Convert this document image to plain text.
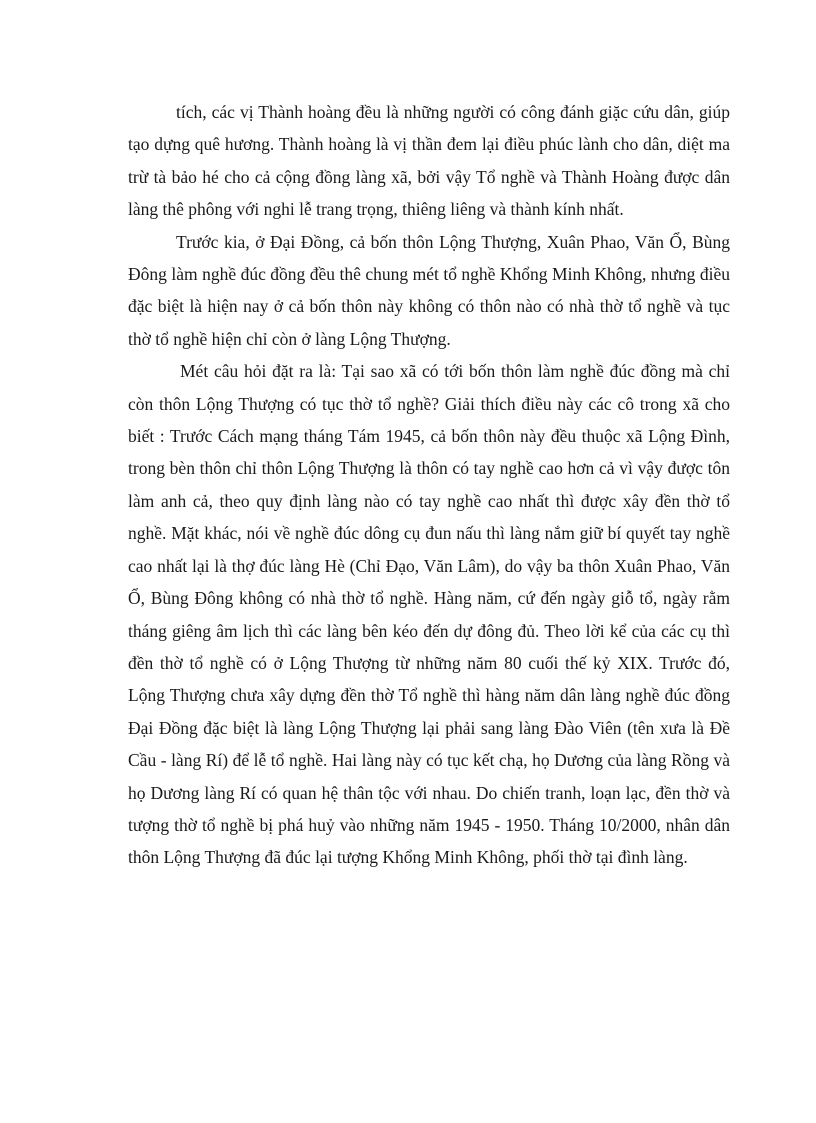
tích, các vị Thành hoàng đều là những người có công đánh giặc cứu dân, giúp tạo dựng quê hương. Thành hoàng là vị thần đem lại điều phúc lành cho dân, diệt ma trừ tà bảo hé cho cả cộng đồng làng xã, bởi vậy Tổ nghề và Thành Hoàng được dân làng thê phông với nghi lễ trang trọng, thiêng liêng và thành kính nhất.

Trước kia, ở Đại Đồng, cả bốn thôn Lộng Thượng, Xuân Phao, Văn Ổ, Bùng Đông làm nghề đúc đồng đều thê chung mét tổ nghề Khổng Minh Không, nhưng điều đặc biệt là hiện nay ở cả bốn thôn này không có thôn nào có nhà thờ tổ nghề và tục thờ tổ nghề hiện chỉ còn ở làng Lộng Thượng.

Mét câu hỏi đặt ra là: Tại sao xã có tới bốn thôn làm nghề đúc đồng mà chỉ còn thôn Lộng Thượng có tục thờ tổ nghề? Giải thích điều này các cô trong xã cho biết : Trước Cách mạng tháng Tám 1945, cả bốn thôn này đều thuộc xã Lộng Đình, trong bèn thôn chỉ thôn Lộng Thượng là thôn có tay nghề cao hơn cả vì vậy được tôn làm anh cả, theo quy định làng nào có tay nghề cao nhất thì được xây đền thờ tổ nghề. Mặt khác, nói về nghề đúc dông cụ đun nấu thì làng nắm giữ bí quyết tay nghề cao nhất lại là thợ đúc làng Hè (Chỉ Đạo, Văn Lâm), do vậy ba thôn Xuân Phao, Văn Ổ, Bùng Đông không có nhà thờ tổ nghề. Hàng năm, cứ đến ngày giỗ tổ, ngày rằm tháng giêng âm lịch thì các làng bên kéo đến dự đông đủ. Theo lời kể của các cụ thì đền thờ tổ nghề có ở Lộng Thượng từ những năm 80 cuối thế kỷ XIX. Trước đó, Lộng Thượng chưa xây dựng đền thờ Tổ nghề thì hàng năm dân làng nghề đúc đồng Đại Đồng đặc biệt là làng Lộng Thượng lại phải sang làng Đào Viên (tên xưa là Đề Cầu - làng Rí) để lễ tổ nghề. Hai làng này có tục kết chạ, họ Dương của làng Rồng và họ Dương làng Rí có quan hệ thân tộc với nhau. Do chiến tranh, loạn lạc, đền thờ và tượng thờ tổ nghề bị phá huỷ vào những năm 1945 - 1950. Tháng 10/2000, nhân dân thôn Lộng Thượng đã đúc lại tượng Khổng Minh Không, phối thờ tại đình làng.
